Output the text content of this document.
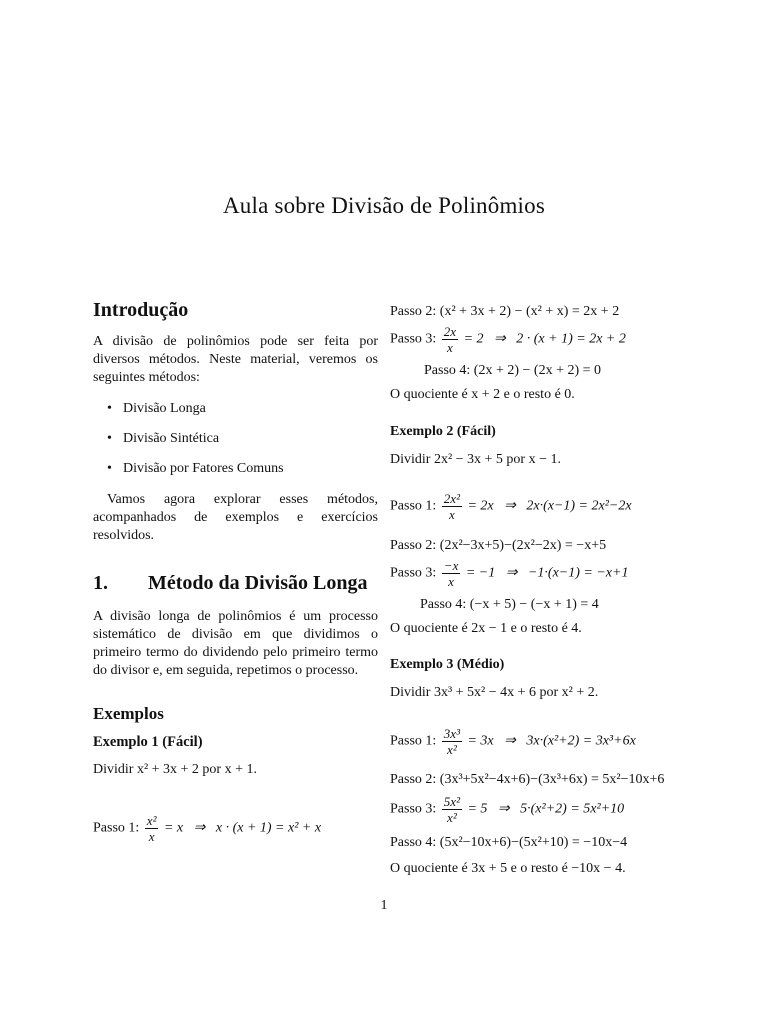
Aula sobre Divisão de Polinômios
Introdução

A divisão de polinômios pode ser feita por diversos métodos. Neste material, veremos os seguintes métodos:

• Divisão Longa
• Divisão Sintética
• Divisão por Fatores Comuns

Vamos agora explorar esses métodos, acompanhados de exemplos e exercícios resolvidos.

1. Método da Divisão Longa

A divisão longa de polinômios é um processo sistemático de divisão em que dividimos o primeiro termo do dividendo pelo primeiro termo do divisor e, em seguida, repetimos o processo.

Exemplos
Exemplo 1 (Fácil)

Dividir x² + 3x + 2 por x + 1.

Passo 1: $\frac{\text{x²}}{x} = x$   ⇒   x · (x + 1) = x² + x
Passo 2: (x² + 3x + 2) − (x² + x) = 2x + 2
Passo 3: $\frac{2x}{x} = 2$   ⇒   2 · (x + 1) = 2x + 2
Passo 4: (2x + 2) − (2x + 2) = 0
O quociente é x + 2 e o resto é 0.
Exemplo 2 (Fácil)
Dividir 2x² − 3x + 5 por x − 1.
Passo 1: $\frac{\text{2x²}}{x} = 2x$   ⇒   2x·(x−1) = 2x²−2x
Passo 2: (2x²−3x+5)−(2x²−2x) = −x+5
Passo 3: $\frac{-x}{x} = -1$   ⇒   −1·(x−1) = −x+1
Passo 4: (−x + 5) − (−x + 1) = 4
O quociente é 2x − 1 e o resto é 4.
Exemplo 3 (Médio)
Dividir 3x³ + 5x² − 4x + 6 por x² + 2.
Passo 1: $\frac{\text{3x³}}{\text{x²}} = 3x$   ⇒   3x·(x²+2) = 3x³+6x
Passo 2: (3x³+5x²−4x+6)−(3x³+6x) = 5x²−10x+6
Passo 3: $\frac{\text{5x²}}{\text{x²}} = 5$   ⇒   5·(x²+2) = 5x²+10
Passo 4: (5x²−10x+6)−(5x²+10) = −10x−4
O quociente é 3x + 5 e o resto é −10x − 4.
1
